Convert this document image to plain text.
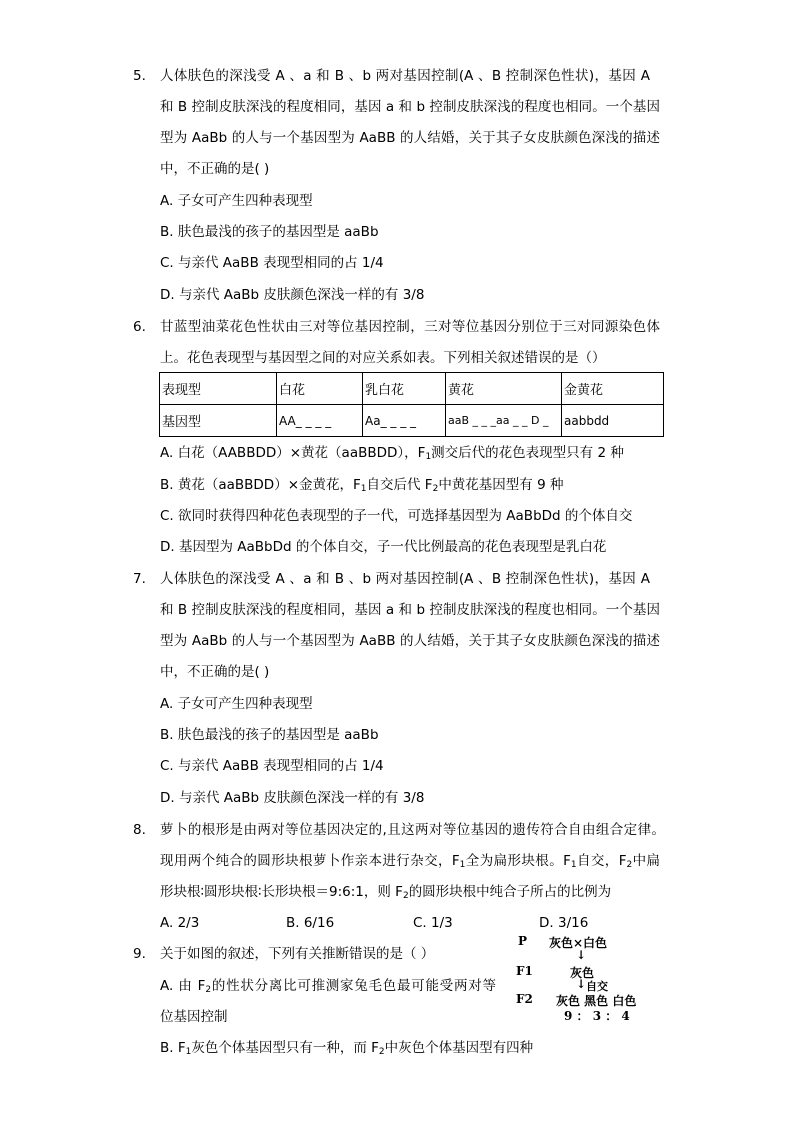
5. 人体肤色的深浅受 A 、a 和 B 、b 两对基因控制(A 、B 控制深色性状)，基因 A
和 B 控制皮肤深浅的程度相同，基因 a 和 b 控制皮肤深浅的程度也相同。一个基因
型为 AaBb 的人与一个基因型为 AaBB 的人结婚，关于其子女皮肤颜色深浅的描述
中，不正确的是( )
A. 子女可产生四种表现型
B. 肤色最浅的孩子的基因型是 aaBb
C. 与亲代 AaBB 表现型相同的占 1/4
D. 与亲代 AaBb 皮肤颜色深浅一样的有 3/8
6. 甘蓝型油菜花色性状由三对等位基因控制，三对等位基因分别位于三对同源染色体
上。花色表现型与基因型之间的对应关系如表。下列相关叙述错误的是（）
表现型	白花	乳白花	黄花	金黄花
基因型	AA_ _ _ _	Aa_ _ _ _	aaB _ _ _aa _ _ D _	aabbdd
A. 白花（AABBDD）×黄花（aaBBDD），$F_1$测交后代的花色表现型只有 2 种
B. 黄花（aaBBDD）×金黄花，$F_1$自交后代 $F_2$中黄花基因型有 9 种
C. 欲同时获得四种花色表现型的子一代，可选择基因型为 AaBbDd 的个体自交
D. 基因型为 AaBbDd 的个体自交，子一代比例最高的花色表现型是乳白花
7. 人体肤色的深浅受 A 、a 和 B 、b 两对基因控制(A 、B 控制深色性状)，基因 A
和 B 控制皮肤深浅的程度相同，基因 a 和 b 控制皮肤深浅的程度也相同。一个基因
型为 AaBb 的人与一个基因型为 AaBB 的人结婚，关于其子女皮肤颜色深浅的描述
中，不正确的是( )
A. 子女可产生四种表现型
B. 肤色最浅的孩子的基因型是 aaBb
C. 与亲代 AaBB 表现型相同的占 1/4
D. 与亲代 AaBb 皮肤颜色深浅一样的有 3/8
8. 萝卜的根形是由两对等位基因决定的,且这两对等位基因的遗传符合自由组合定律。
现用两个纯合的圆形块根萝卜作亲本进行杂交，$F_1$全为扁形块根。$F_1$自交，$F_2$中扁
形块根∶圆形块根∶长形块根＝9:6:1，则 $F_2$的圆形块根中纯合子所占的比例为
A. 2/3	B. 6/16	C. 1/3	D. 3/16
9. 关于如图的叙述，下列有关推断错误的是（ ）
A. 由 $F_2$的性状分离比可推测家兔毛色最可能受两对等
位基因控制
B. $F_1$灰色个体基因型只有一种，而 $F_2$中灰色个体基因型有四种
P 灰色×白色
↓
F1	灰色
↓ 自交
F2 灰色 黑色 白色
9 ： 3 ： 4
